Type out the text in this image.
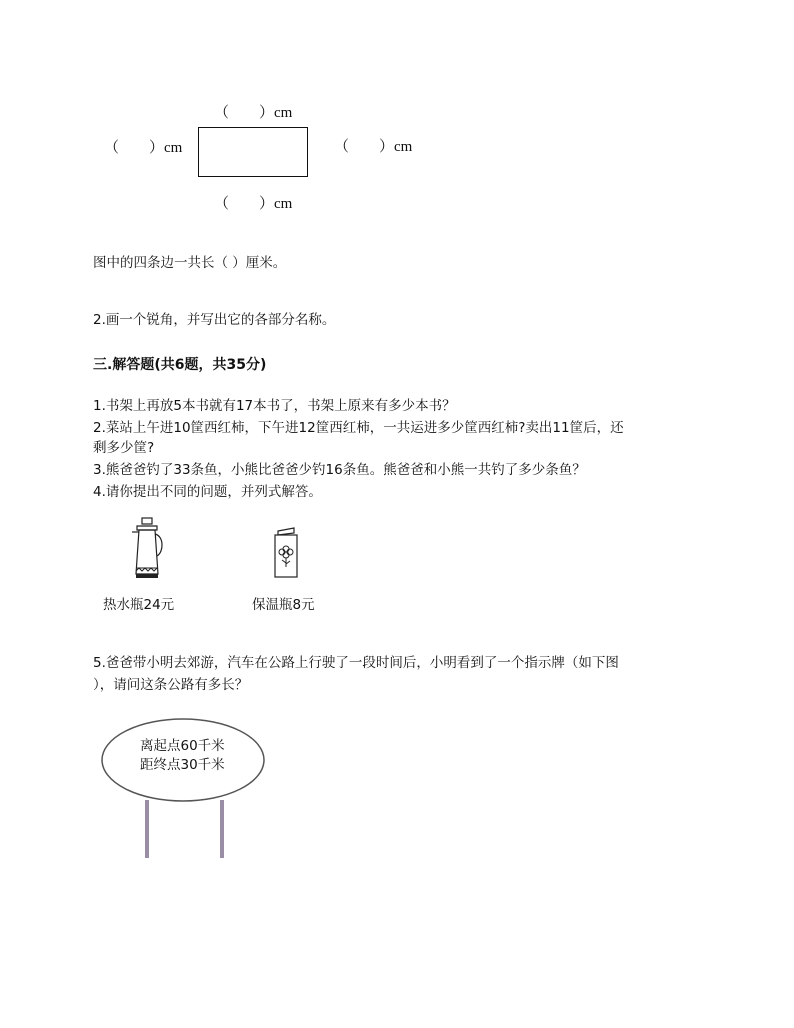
（　　）cm
（　　）cm	（　　）cm
（　　）cm
图中的四条边一共长（ ）厘米。
2.画一个锐角，并写出它的各部分名称。
三.解答题(共6题，共35分)
1.书架上再放5本书就有17本书了，书架上原来有多少本书？
2.菜站上午进10筐西红柿，下午进12筐西红柿，一共运进多少筐西红柿?卖出11筐后，还
剩多少筐?
3.熊爸爸钓了33条鱼，小熊比爸爸少钓16条鱼。熊爸爸和小熊一共钓了多少条鱼？
4.请你提出不同的问题，并列式解答。
热水瓶24元	保温瓶8元
5.爸爸带小明去郊游，汽车在公路上行驶了一段时间后，小明看到了一个指示牌（如下图
），请问这条公路有多长？
离起点60千米
距终点30千米
